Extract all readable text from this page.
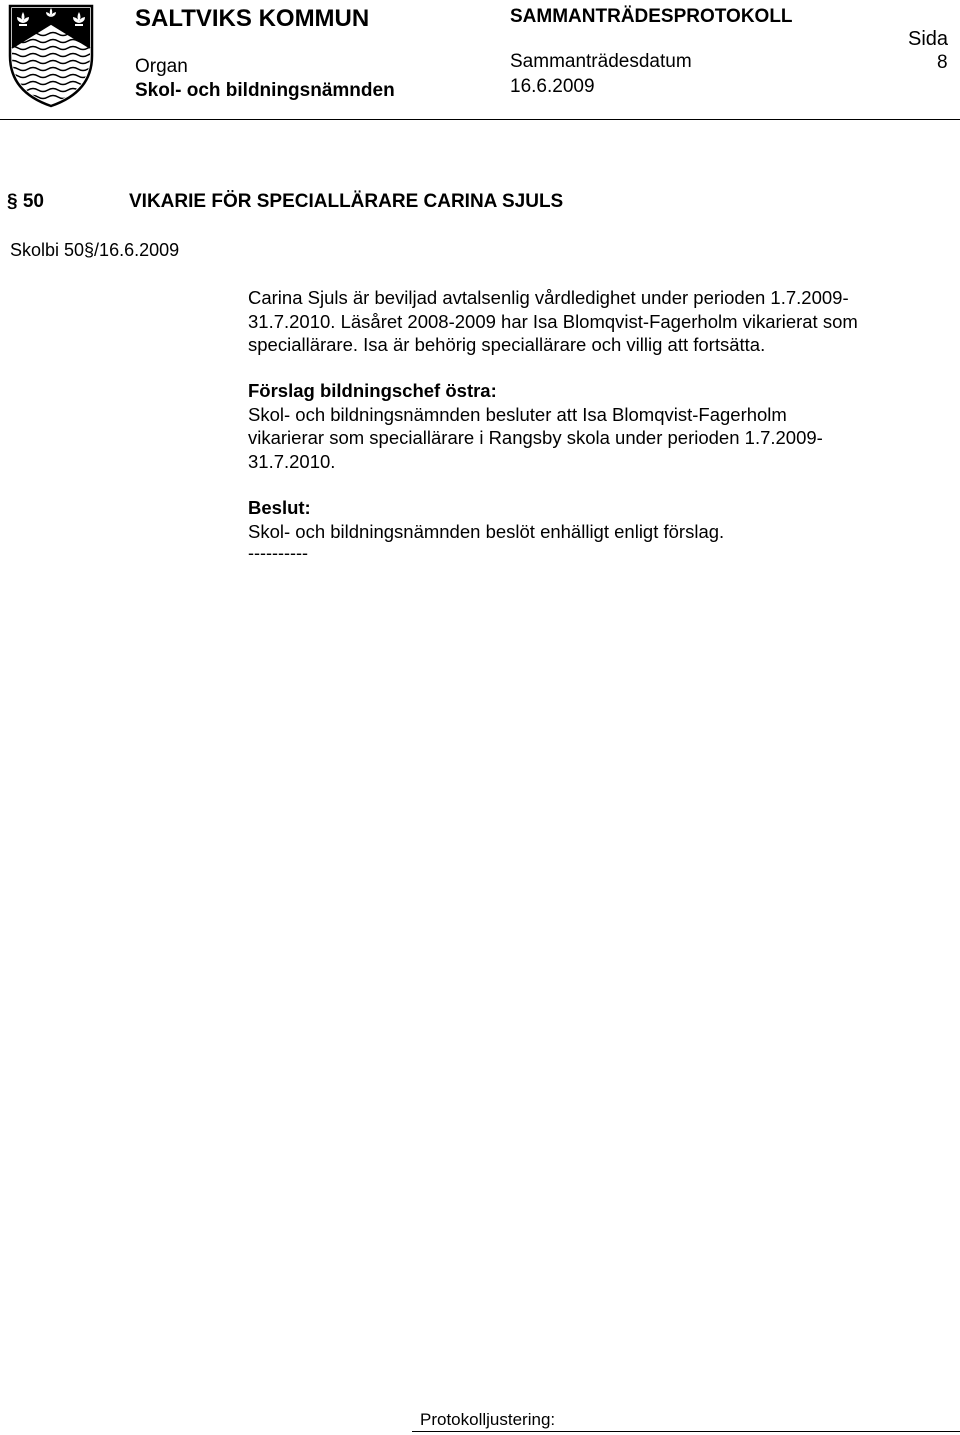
SALTVIKS KOMMUN
Organ
Skol- och bildningsnämnden
SAMMANTRÄDESPROTOKOLL
Sammanträdesdatum
16.6.2009
Sida
8
§ 50	VIKARIE FÖR SPECIALLÄRARE CARINA SJULS
Skolbi 50§/16.6.2009
Carina Sjuls är beviljad avtalsenlig vårdledighet under perioden 1.7.2009-
31.7.2010. Läsåret 2008-2009 har Isa Blomqvist-Fagerholm vikarierat som
speciallärare. Isa är behörig speciallärare och villig att fortsätta.
Förslag bildningschef östra:
Skol- och bildningsnämnden besluter att Isa Blomqvist-Fagerholm
vikarierar som speciallärare i Rangsby skola under perioden 1.7.2009-
31.7.2010.
Beslut:
Skol- och bildningsnämnden beslöt enhälligt enligt förslag.
----------
Protokolljustering:
